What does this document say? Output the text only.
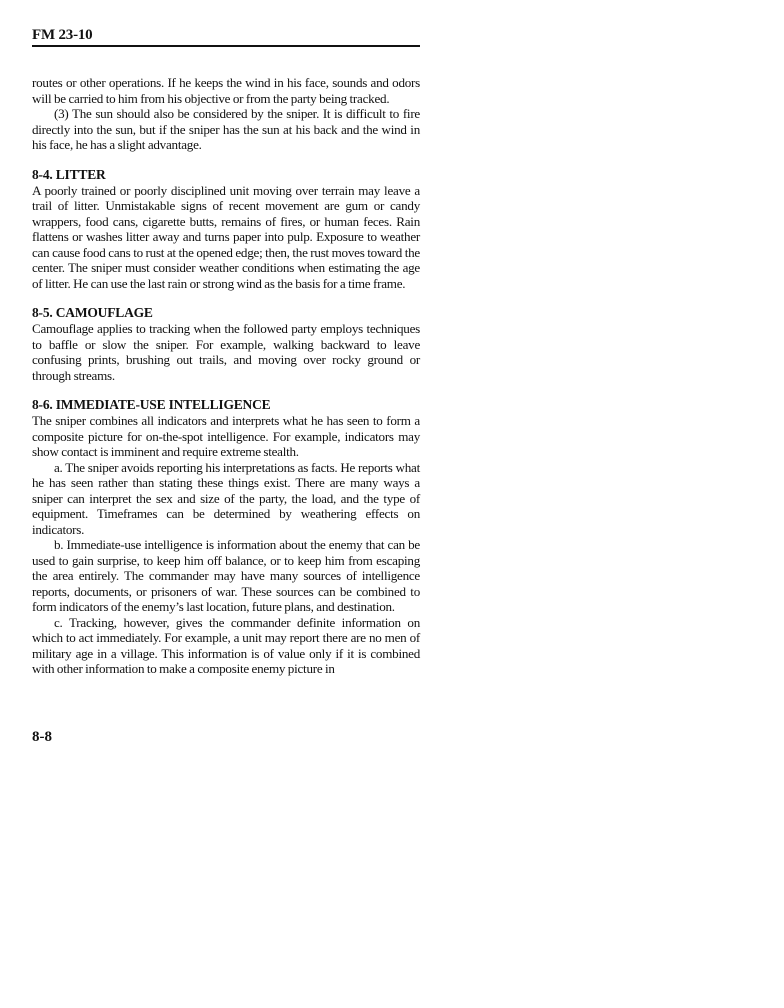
FM 23-10

routes or other operations. If he keeps the wind in his face, sounds and odors will be carried to him from his objective or from the party being tracked.

(3) The sun should also be considered by the sniper. It is difficult to fire directly into the sun, but if the sniper has the sun at his back and the wind in his face, he has a slight advantage.

8-4. LITTER

A poorly trained or poorly disciplined unit moving over terrain may leave a trail of litter. Unmistakable signs of recent movement are gum or candy wrappers, food cans, cigarette butts, remains of fires, or human feces. Rain flattens or washes litter away and turns paper into pulp. Exposure to weather can cause food cans to rust at the opened edge; then, the rust moves toward the center. The sniper must consider weather conditions when estimating the age of litter. He can use the last rain or strong wind as the basis for a time frame.

8-5. CAMOUFLAGE

Camouflage applies to tracking when the followed party employs techniques to baffle or slow the sniper. For example, walking backward to leave confusing prints, brushing out trails, and moving over rocky ground or through streams.

8-6. IMMEDIATE-USE INTELLIGENCE

The sniper combines all indicators and interprets what he has seen to form a composite picture for on-the-spot intelligence. For example, indicators may show contact is imminent and require extreme stealth.

a. The sniper avoids reporting his interpretations as facts. He reports what he has seen rather than stating these things exist. There are many ways a sniper can interpret the sex and size of the party, the load, and the type of equipment. Timeframes can be determined by weathering effects on indicators.

b. Immediate-use intelligence is information about the enemy that can be used to gain surprise, to keep him off balance, or to keep him from escaping the area entirely. The commander may have many sources of intelligence reports, documents, or prisoners of war. These sources can be combined to form indicators of the enemy’s last location, future plans, and destination.

c. Tracking, however, gives the commander definite information on which to act immediately. For example, a unit may report there are no men of military age in a village. This information is of value only if it is combined with other information to make a composite enemy picture in

8-8
